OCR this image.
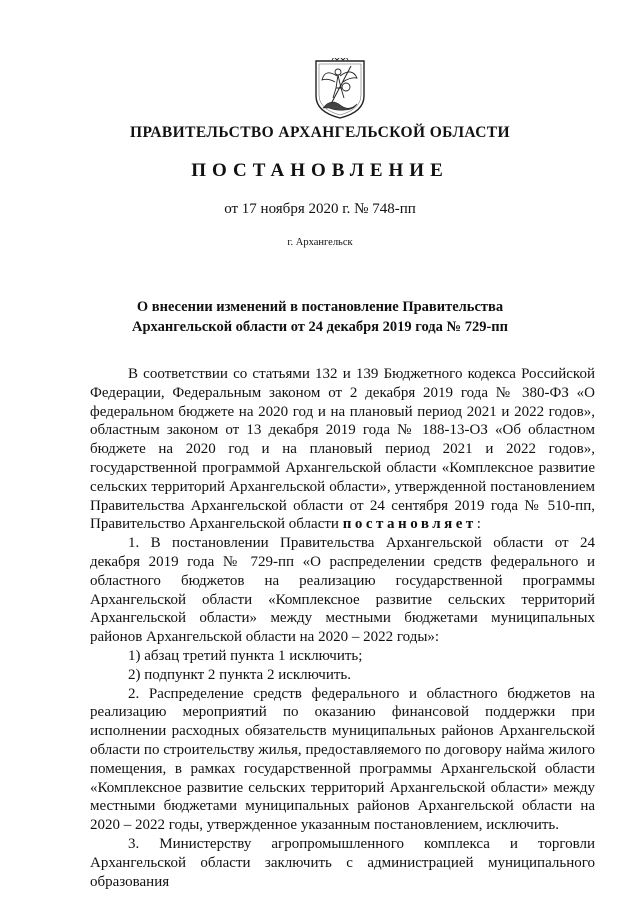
ПРАВИТЕЛЬСТВО АРХАНГЕЛЬСКОЙ ОБЛАСТИ
ПОСТАНОВЛЕНИЕ
от 17 ноября 2020 г. № 748-пп
г. Архангельск
О внесении изменений в постановление Правительства
Архангельской области от 24 декабря 2019 года № 729-пп

В соответствии со статьями 132 и 139 Бюджетного кодекса Российской Федерации, Федеральным законом от 2 декабря 2019 года № 380-ФЗ «О федеральном бюджете на 2020 год и на плановый период 2021 и 2022 годов», областным законом от 13 декабря 2019 года № 188-13-ОЗ «Об областном бюджете на 2020 год и на плановый период 2021 и 2022 годов», государственной программой Архангельской области «Комплексное развитие сельских территорий Архангельской области», утвержденной постановлением Правительства Архангельской области от 24 сентября 2019 года № 510-пп, Правительство Архангельской области постановляет:

1. В постановлении Правительства Архангельской области от 24 декабря 2019 года № 729-пп «О распределении средств федерального и областного бюджетов на реализацию государственной программы Архангельской области «Комплексное развитие сельских территорий Архангельской области» между местными бюджетами муниципальных районов Архангельской области на 2020 – 2022 годы»:

1) абзац третий пункта 1 исключить;

2) подпункт 2 пункта 2 исключить.

2. Распределение средств федерального и областного бюджетов на реализацию мероприятий по оказанию финансовой поддержки при исполнении расходных обязательств муниципальных районов Архангельской области по строительству жилья, предоставляемого по договору найма жилого помещения, в рамках государственной программы Архангельской области «Комплексное развитие сельских территорий Архангельской области» между местными бюджетами муниципальных районов Архангельской области на 2020 – 2022 годы, утвержденное указанным постановлением, исключить.

3. Министерству агропромышленного комплекса и торговли Архангельской области заключить с администрацией муниципального образования
